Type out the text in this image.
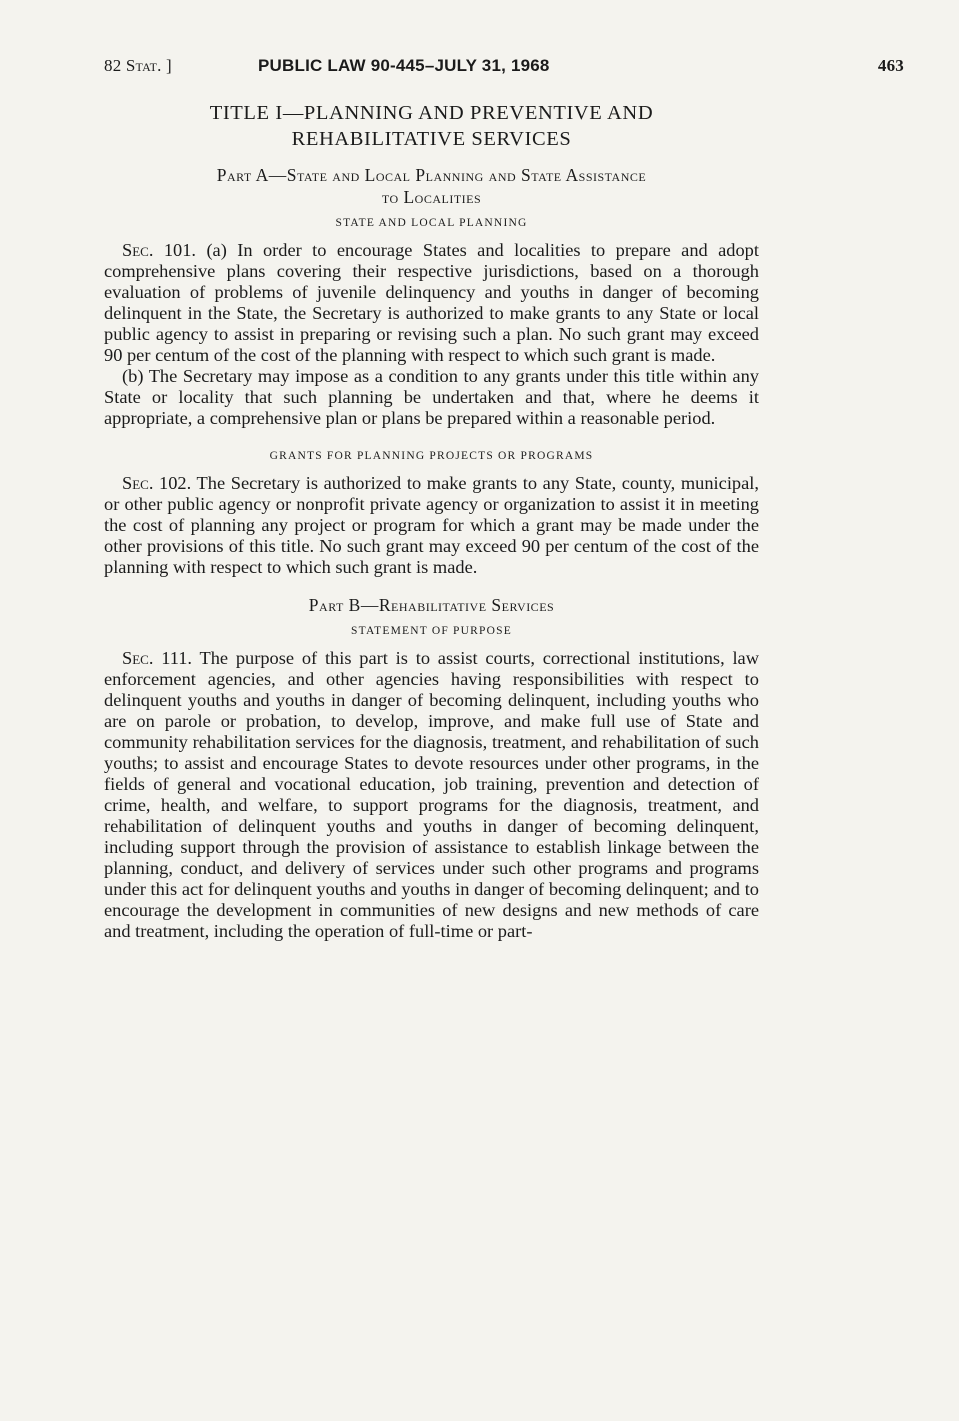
82 Stat. ]	PUBLIC LAW 90-445–JULY 31, 1968	463
TITLE I—PLANNING AND PREVENTIVE AND
REHABILITATIVE SERVICES
Part A—State and Local Planning and State Assistance
to Localities
STATE AND LOCAL PLANNING

Sec. 101. (a) In order to encourage States and localities to prepare and adopt comprehensive plans covering their respective jurisdictions, based on a thorough evaluation of problems of juvenile delinquency and youths in danger of becoming delinquent in the State, the Secretary is authorized to make grants to any State or local public agency to assist in preparing or revising such a plan. No such grant may exceed 90 per centum of the cost of the planning with respect to which such grant is made.

(b) The Secretary may impose as a condition to any grants under this title within any State or locality that such planning be undertaken and that, where he deems it appropriate, a comprehensive plan or plans be prepared within a reasonable period.

GRANTS FOR PLANNING PROJECTS OR PROGRAMS

Sec. 102. The Secretary is authorized to make grants to any State, county, municipal, or other public agency or nonprofit private agency or organization to assist it in meeting the cost of planning any project or program for which a grant may be made under the other provisions of this title. No such grant may exceed 90 per centum of the cost of the planning with respect to which such grant is made.

Part B—Rehabilitative Services
STATEMENT OF PURPOSE

Sec. 111. The purpose of this part is to assist courts, correctional institutions, law enforcement agencies, and other agencies having responsibilities with respect to delinquent youths and youths in danger of becoming delinquent, including youths who are on parole or probation, to develop, improve, and make full use of State and community rehabilitation services for the diagnosis, treatment, and rehabilitation of such youths; to assist and encourage States to devote resources under other programs, in the fields of general and vocational education, job training, prevention and detection of crime, health, and welfare, to support programs for the diagnosis, treatment, and rehabilitation of delinquent youths and youths in danger of becoming delinquent, including support through the provision of assistance to establish linkage between the planning, conduct, and delivery of services under such other programs and programs under this act for delinquent youths and youths in danger of becoming delinquent; and to encourage the development in communities of new designs and new methods of care and treatment, including the operation of full-time or part-
